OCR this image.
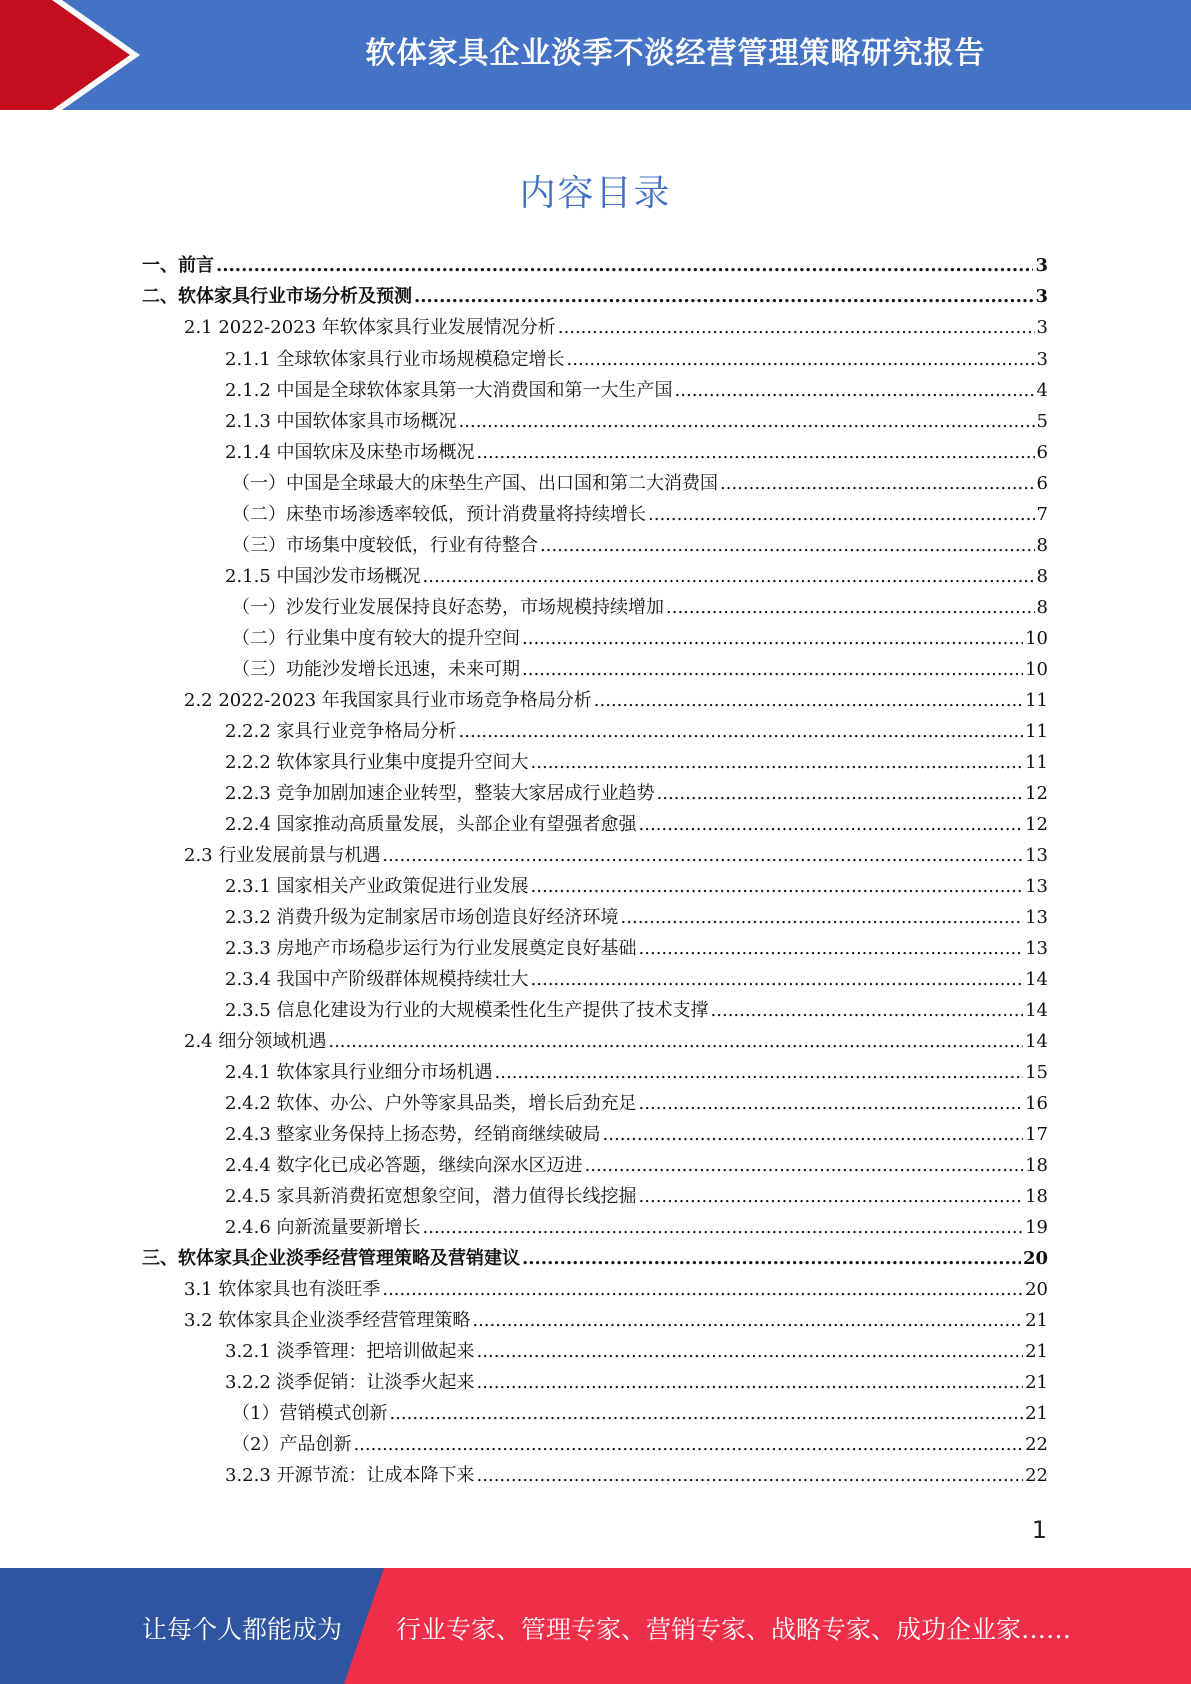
软体家具企业淡季不淡经营管理策略研究报告
内容目录
一、前言 .....	3
二、软体家具行业市场分析及预测 .....	3
2.1 2022-2023 年软体家具行业发展情况分析 .....	3
2.1.1 全球软体家具行业市场规模稳定增长 .....	3
2.1.2 中国是全球软体家具第一大消费国和第一大生产国 .....	4
2.1.3 中国软体家具市场概况 .....	5
2.1.4 中国软床及床垫市场概况 .....	6
（一）中国是全球最大的床垫生产国、出口国和第二大消费国 .....	6
（二）床垫市场渗透率较低，预计消费量将持续增长 .....	7
（三）市场集中度较低，行业有待整合 .....	8
2.1.5 中国沙发市场概况 .....	8
（一）沙发行业发展保持良好态势，市场规模持续增加 .....	8
（二）行业集中度有较大的提升空间 .....	10
（三）功能沙发增长迅速，未来可期 .....	10
2.2 2022-2023 年我国家具行业市场竞争格局分析 .....	11
2.2.2 家具行业竞争格局分析 .....	11
2.2.2 软体家具行业集中度提升空间大 .....	11
2.2.3 竞争加剧加速企业转型，整装大家居成行业趋势 .....	12
2.2.4 国家推动高质量发展，头部企业有望强者愈强 .....	12
2.3 行业发展前景与机遇 .....	13
2.3.1 国家相关产业政策促进行业发展 .....	13
2.3.2 消费升级为定制家居市场创造良好经济环境 .....	13
2.3.3 房地产市场稳步运行为行业发展奠定良好基础 .....	13
2.3.4 我国中产阶级群体规模持续壮大 .....	14
2.3.5 信息化建设为行业的大规模柔性化生产提供了技术支撑 .....	14
2.4 细分领域机遇 .....	14
2.4.1 软体家具行业细分市场机遇 .....	15
2.4.2 软体、办公、户外等家具品类，增长后劲充足 .....	16
2.4.3 整家业务保持上扬态势，经销商继续破局 .....	17
2.4.4 数字化已成必答题，继续向深水区迈进 .....	18
2.4.5 家具新消费拓宽想象空间，潜力值得长线挖掘 .....	18
2.4.6 向新流量要新增长 .....	19
三、软体家具企业淡季经营管理策略及营销建议 .....	20
3.1 软体家具也有淡旺季 .....	20
3.2 软体家具企业淡季经营管理策略 .....	21
3.2.1 淡季管理：把培训做起来 .....	21
3.2.2 淡季促销：让淡季火起来 .....	21
（1）营销模式创新 .....	21
（2）产品创新 .....	22
3.2.3 开源节流：让成本降下来 .....	22
1
让每个人都能成为 行业专家、管理专家、营销专家、战略专家、成功企业家……
